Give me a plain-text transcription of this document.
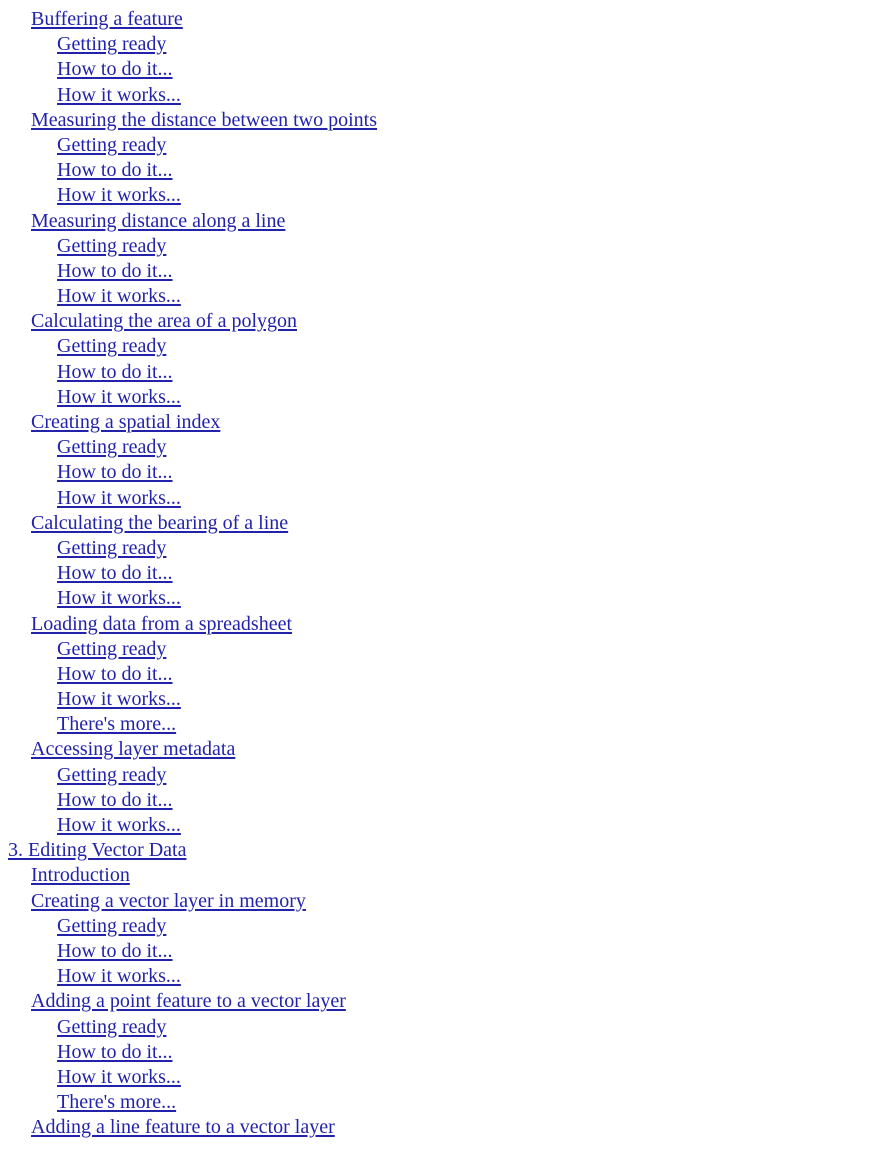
Buffering a feature
Getting ready
How to do it...
How it works...
Measuring the distance between two points
Getting ready
How to do it...
How it works...
Measuring distance along a line
Getting ready
How to do it...
How it works...
Calculating the area of a polygon
Getting ready
How to do it...
How it works...
Creating a spatial index
Getting ready
How to do it...
How it works...
Calculating the bearing of a line
Getting ready
How to do it...
How it works...
Loading data from a spreadsheet
Getting ready
How to do it...
How it works...
There's more...
Accessing layer metadata
Getting ready
How to do it...
How it works...
3. Editing Vector Data
Introduction
Creating a vector layer in memory
Getting ready
How to do it...
How it works...
Adding a point feature to a vector layer
Getting ready
How to do it...
How it works...
There's more...
Adding a line feature to a vector layer
